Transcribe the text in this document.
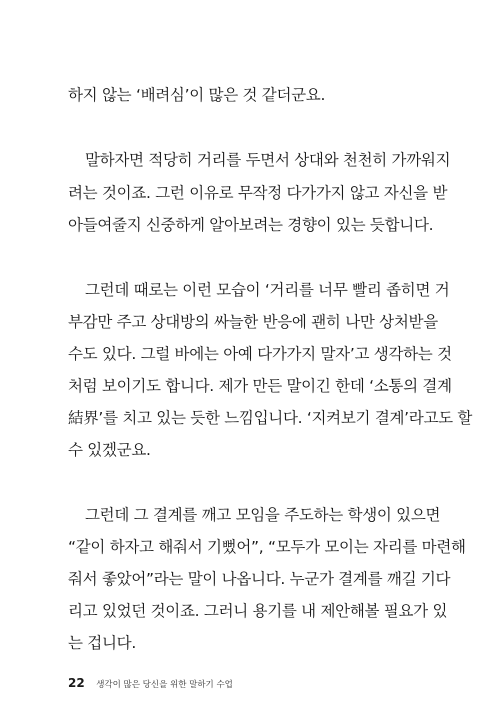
하지 않는 ‘배려심’이 많은 것 같더군요.
말하자면 적당히 거리를 두면서 상대와 천천히 가까워지
려는 것이죠. 그런 이유로 무작정 다가가지 않고 자신을 받
아들여줄지 신중하게 알아보려는 경향이 있는 듯합니다.
그런데 때로는 이런 모습이 ‘거리를 너무 빨리 좁히면 거
부감만 주고 상대방의 싸늘한 반응에 괜히 나만 상처받을
수도 있다. 그럴 바에는 아예 다가가지 말자’고 생각하는 것
처럼 보이기도 합니다. 제가 만든 말이긴 한데 ‘소통의 결계
結界’를 치고 있는 듯한 느낌입니다. ‘지켜보기 결계’라고도 할
수 있겠군요.
그런데 그 결계를 깨고 모임을 주도하는 학생이 있으면
“같이 하자고 해줘서 기뻤어”, “모두가 모이는 자리를 마련해
줘서 좋았어”라는 말이 나옵니다. 누군가 결계를 깨길 기다
리고 있었던 것이죠. 그러니 용기를 내 제안해볼 필요가 있
는 겁니다.
22 생각이 많은 당신을 위한 말하기 수업
